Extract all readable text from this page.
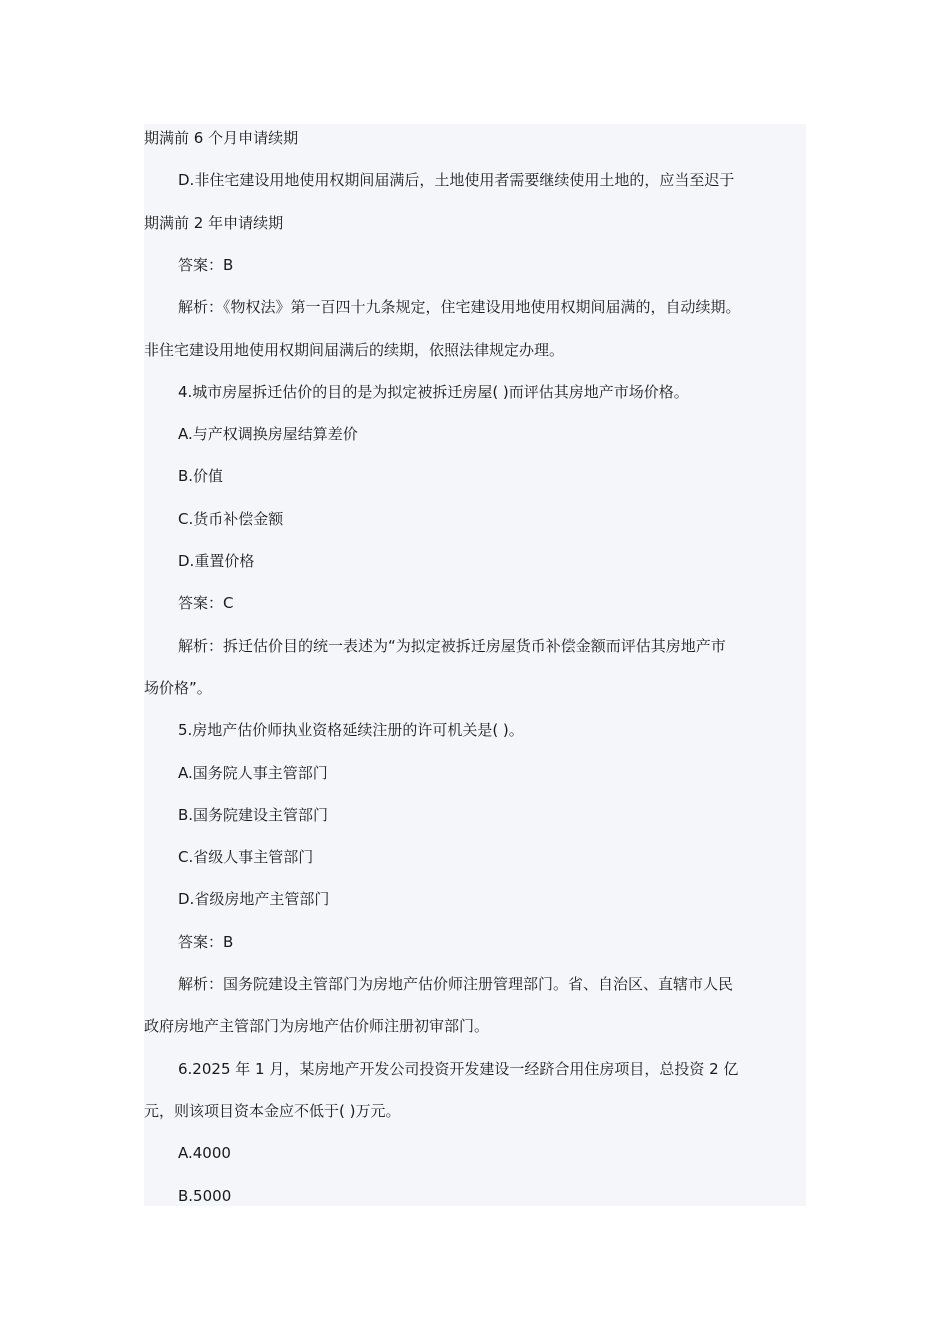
期满前 6 个月申请续期
D.非住宅建设用地使用权期间届满后，土地使用者需要继续使用土地的，应当至迟于
期满前 2 年申请续期
答案：B
解析：《物权法》第一百四十九条规定，住宅建设用地使用权期间届满的，自动续期。
非住宅建设用地使用权期间届满后的续期，依照法律规定办理。
4.城市房屋拆迁估价的目的是为拟定被拆迁房屋( )而评估其房地产市场价格。
A.与产权调换房屋结算差价
B.价值
C.货币补偿金额
D.重置价格
答案：C
解析：拆迁估价目的统一表述为“为拟定被拆迁房屋货币补偿金额而评估其房地产市
场价格”。
5.房地产估价师执业资格延续注册的许可机关是( )。
A.国务院人事主管部门
B.国务院建设主管部门
C.省级人事主管部门
D.省级房地产主管部门
答案：B
解析：国务院建设主管部门为房地产估价师注册管理部门。省、自治区、直辖市人民
政府房地产主管部门为房地产估价师注册初审部门。
6.2025 年 1 月，某房地产开发公司投资开发建设一经跻合用住房项目，总投资 2 亿
元，则该项目资本金应不低于( )万元。
A.4000
B.5000
